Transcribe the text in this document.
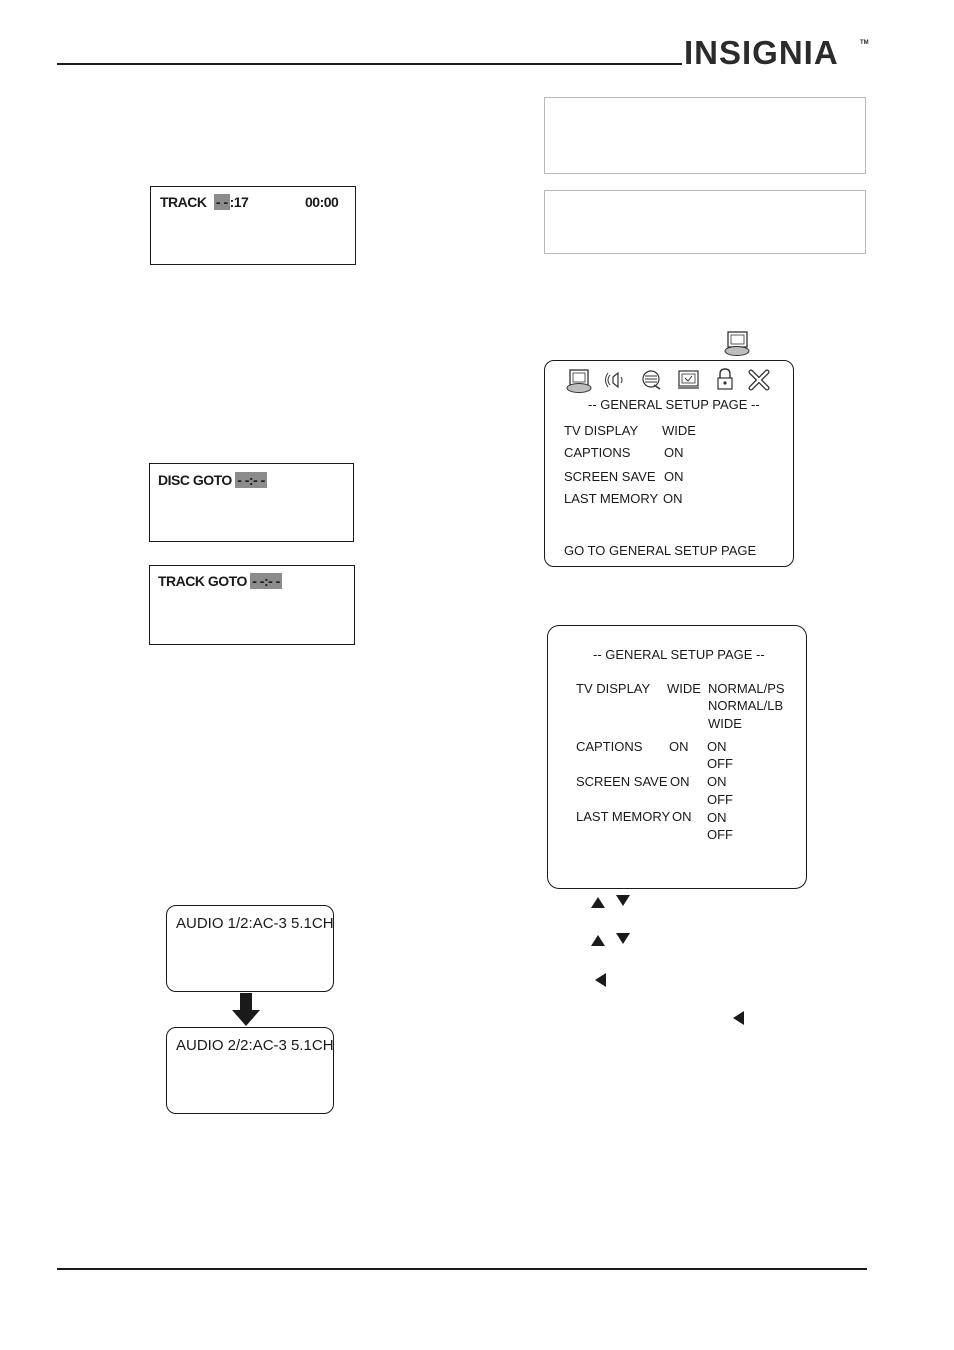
INSIGNIA	TM
TRACK - - :17	00:00
DISC GOTO - -:- -
TRACK GOTO - -:- -
-- GENERAL SETUP PAGE --
TV DISPLAY WIDE
CAPTIONS	ON
SCREEN SAVE ON
LAST MEMORY ON
GO TO GENERAL SETUP PAGE
-- GENERAL SETUP PAGE --
TV DISPLAY WIDE NORMAL/PS
NORMAL/LB
WIDE
CAPTIONS ON ON
OFF
SCREEN SAVE ON ON
OFF
LAST MEMORY ON ON
OFF
AUDIO 1/2:AC-3 5.1CH
AUDIO 2/2:AC-3 5.1CH
